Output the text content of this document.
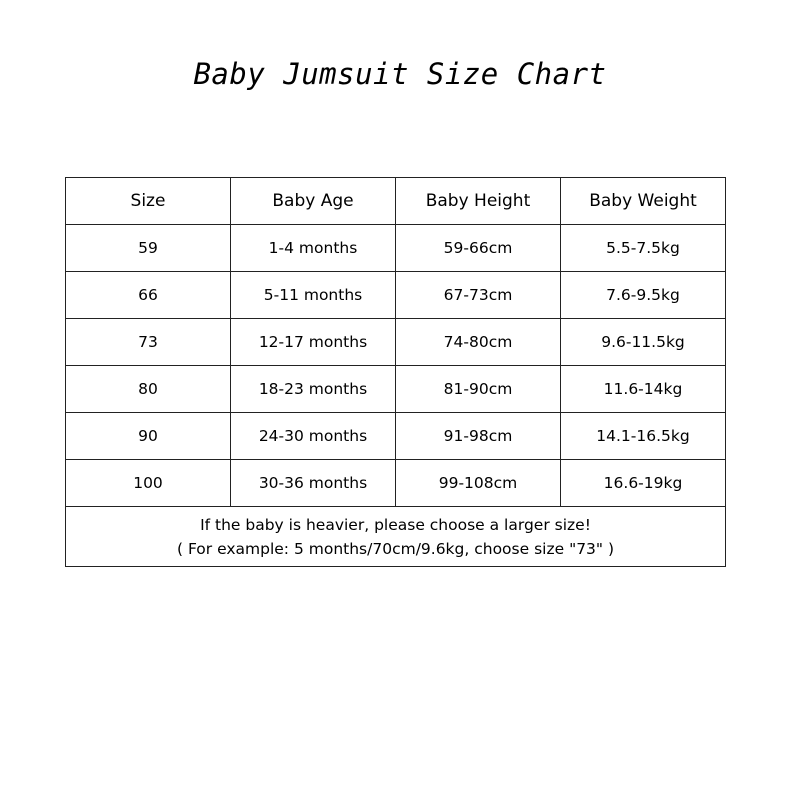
Baby Jumsuit Size Chart
Size	Baby Age	Baby Height	Baby Weight
59	1-4 months	59-66cm	5.5-7.5kg
66	5-11 months	67-73cm	7.6-9.5kg
73	12-17 months	74-80cm	9.6-11.5kg
80	18-23 months	81-90cm	11.6-14kg
90	24-30 months	91-98cm	14.1-16.5kg
100	30-36 months	99-108cm	16.6-19kg

If the baby is heavier, please choose a larger size!
( For example: 5 months/70cm/9.6kg, choose size "73" )			
